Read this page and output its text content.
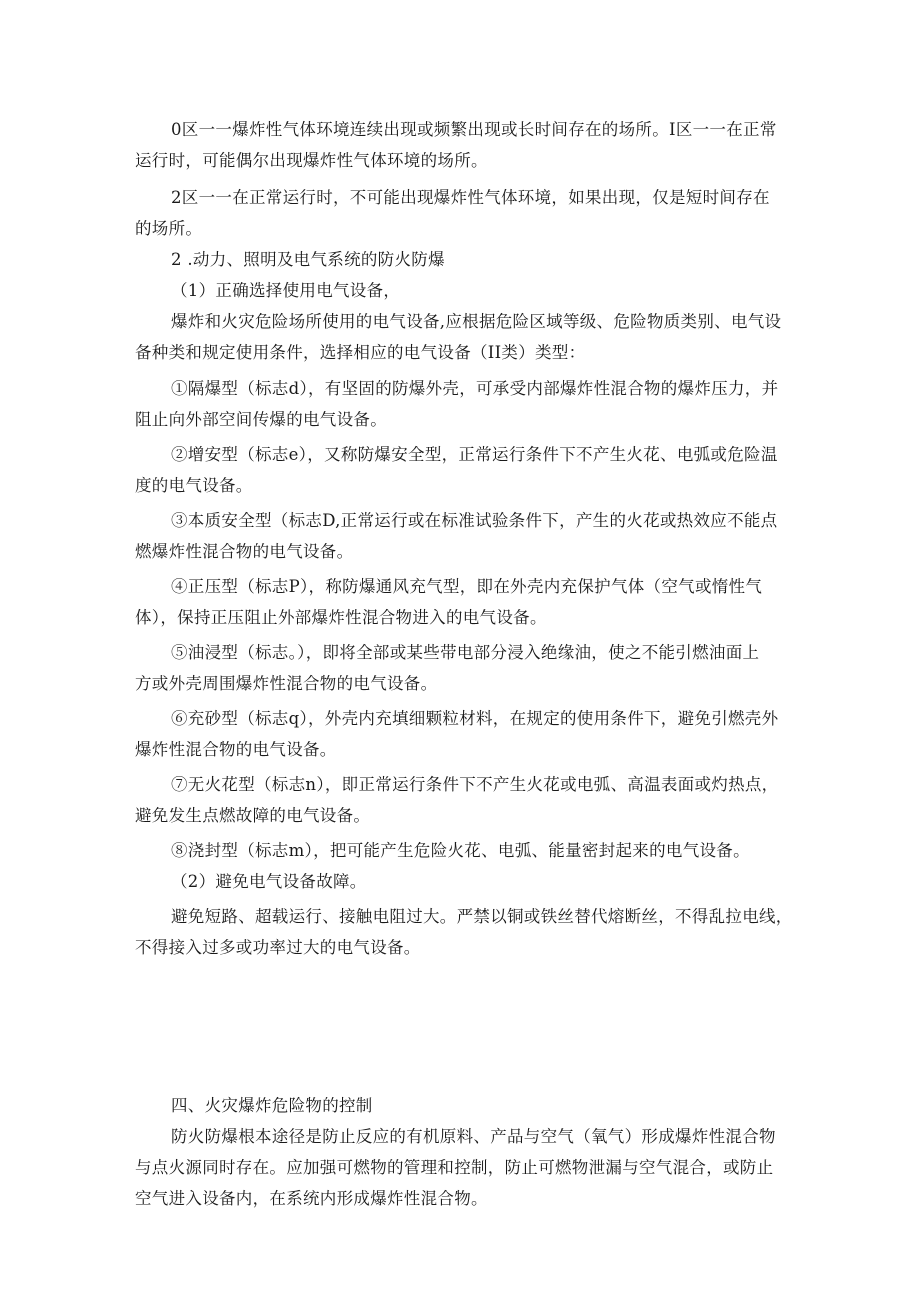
0区一一爆炸性气体环境连续出现或频繁出现或长时间存在的场所。I区一一在正常
运行时，可能偶尔出现爆炸性气体环境的场所。
2区一一在正常运行时，不可能出现爆炸性气体环境，如果出现，仅是短时间存在
的场所。
2 .动力、照明及电气系统的防火防爆
（1）正确选择使用电气设备，
爆炸和火灾危险场所使用的电气设备,应根据危险区域等级、危险物质类别、电气设
备种类和规定使用条件，选择相应的电气设备（II类）类型：
①隔爆型（标志d），有坚固的防爆外壳，可承受内部爆炸性混合物的爆炸压力，并
阻止向外部空间传爆的电气设备。
②增安型（标志e），又称防爆安全型，正常运行条件下不产生火花、电弧或危险温
度的电气设备。
③本质安全型（标志D,正常运行或在标准试验条件下，产生的火花或热效应不能点
燃爆炸性混合物的电气设备。
④正压型（标志P），称防爆通风充气型，即在外壳内充保护气体（空气或惰性气
体），保持正压阻止外部爆炸性混合物进入的电气设备。
⑤油浸型（标志。），即将全部或某些带电部分浸入绝缘油，使之不能引燃油面上
方或外壳周围爆炸性混合物的电气设备。
⑥充砂型（标志q），外壳内充填细颗粒材料，在规定的使用条件下，避免引燃壳外
爆炸性混合物的电气设备。
⑦无火花型（标志n），即正常运行条件下不产生火花或电弧、高温表面或灼热点，
避免发生点燃故障的电气设备。
⑧浇封型（标志m），把可能产生危险火花、电弧、能量密封起来的电气设备。
（2）避免电气设备故障。
避免短路、超载运行、接触电阻过大。严禁以铜或铁丝替代熔断丝，不得乱拉电线，
不得接入过多或功率过大的电气设备。
四、火灾爆炸危险物的控制
防火防爆根本途径是防止反应的有机原料、产品与空气（氧气）形成爆炸性混合物
与点火源同时存在。应加强可燃物的管理和控制，防止可燃物泄漏与空气混合，或防止
空气进入设备内，在系统内形成爆炸性混合物。
